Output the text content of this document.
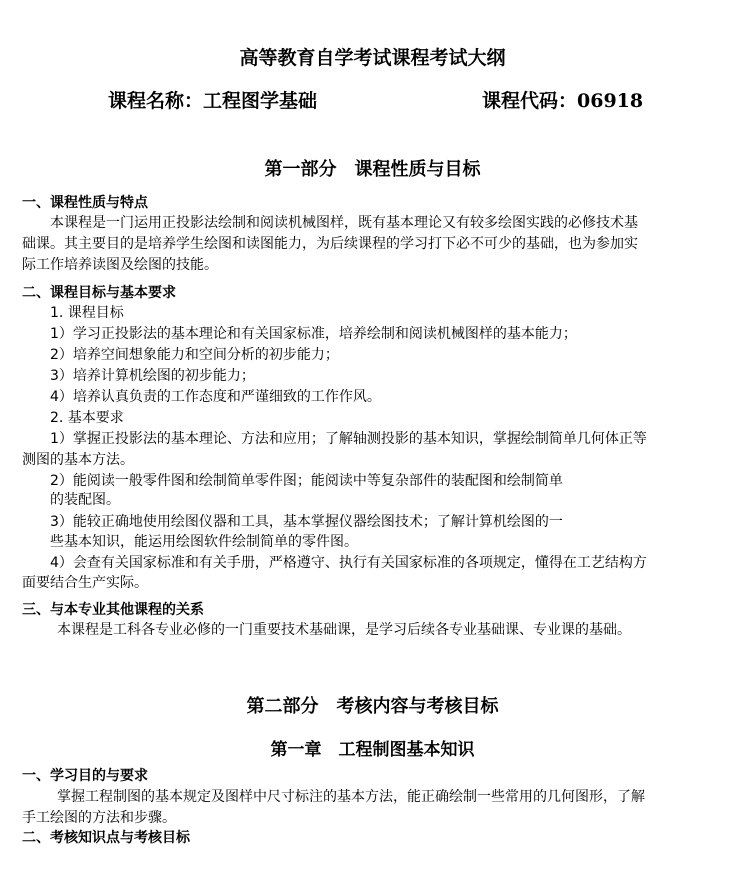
高等教育自学考试课程考试大纲
课程名称：工程图学基础	课程代码：06918
第一部分　课程性质与目标
一、课程性质与特点
本课程是一门运用正投影法绘制和阅读机械图样，既有基本理论又有较多绘图实践的必修技术基
础课。其主要目的是培养学生绘图和读图能力，为后续课程的学习打下必不可少的基础，也为参加实
际工作培养读图及绘图的技能。
二、课程目标与基本要求
1. 课程目标
1）学习正投影法的基本理论和有关国家标准，培养绘制和阅读机械图样的基本能力；
2）培养空间想象能力和空间分析的初步能力；
3）培养计算机绘图的初步能力；
4）培养认真负责的工作态度和严谨细致的工作作风。
2. 基本要求
1）掌握正投影法的基本理论、方法和应用；了解轴测投影的基本知识，掌握绘制简单几何体正等
测图的基本方法。
2）能阅读一般零件图和绘制简单零件图；能阅读中等复杂部件的装配图和绘制简单
的装配图。
3）能较正确地使用绘图仪器和工具，基本掌握仪器绘图技术；了解计算机绘图的一
些基本知识，能运用绘图软件绘制简单的零件图。
4）会查有关国家标准和有关手册，严格遵守、执行有关国家标准的各项规定，懂得在工艺结构方
面要结合生产实际。
三、与本专业其他课程的关系
本课程是工科各专业必修的一门重要技术基础课，是学习后续各专业基础课、专业课的基础。
第二部分　考核内容与考核目标
第一章　工程制图基本知识
一、学习目的与要求
掌握工程制图的基本规定及图样中尺寸标注的基本方法，能正确绘制一些常用的几何图形，了解
手工绘图的方法和步骤。
二、考核知识点与考核目标
